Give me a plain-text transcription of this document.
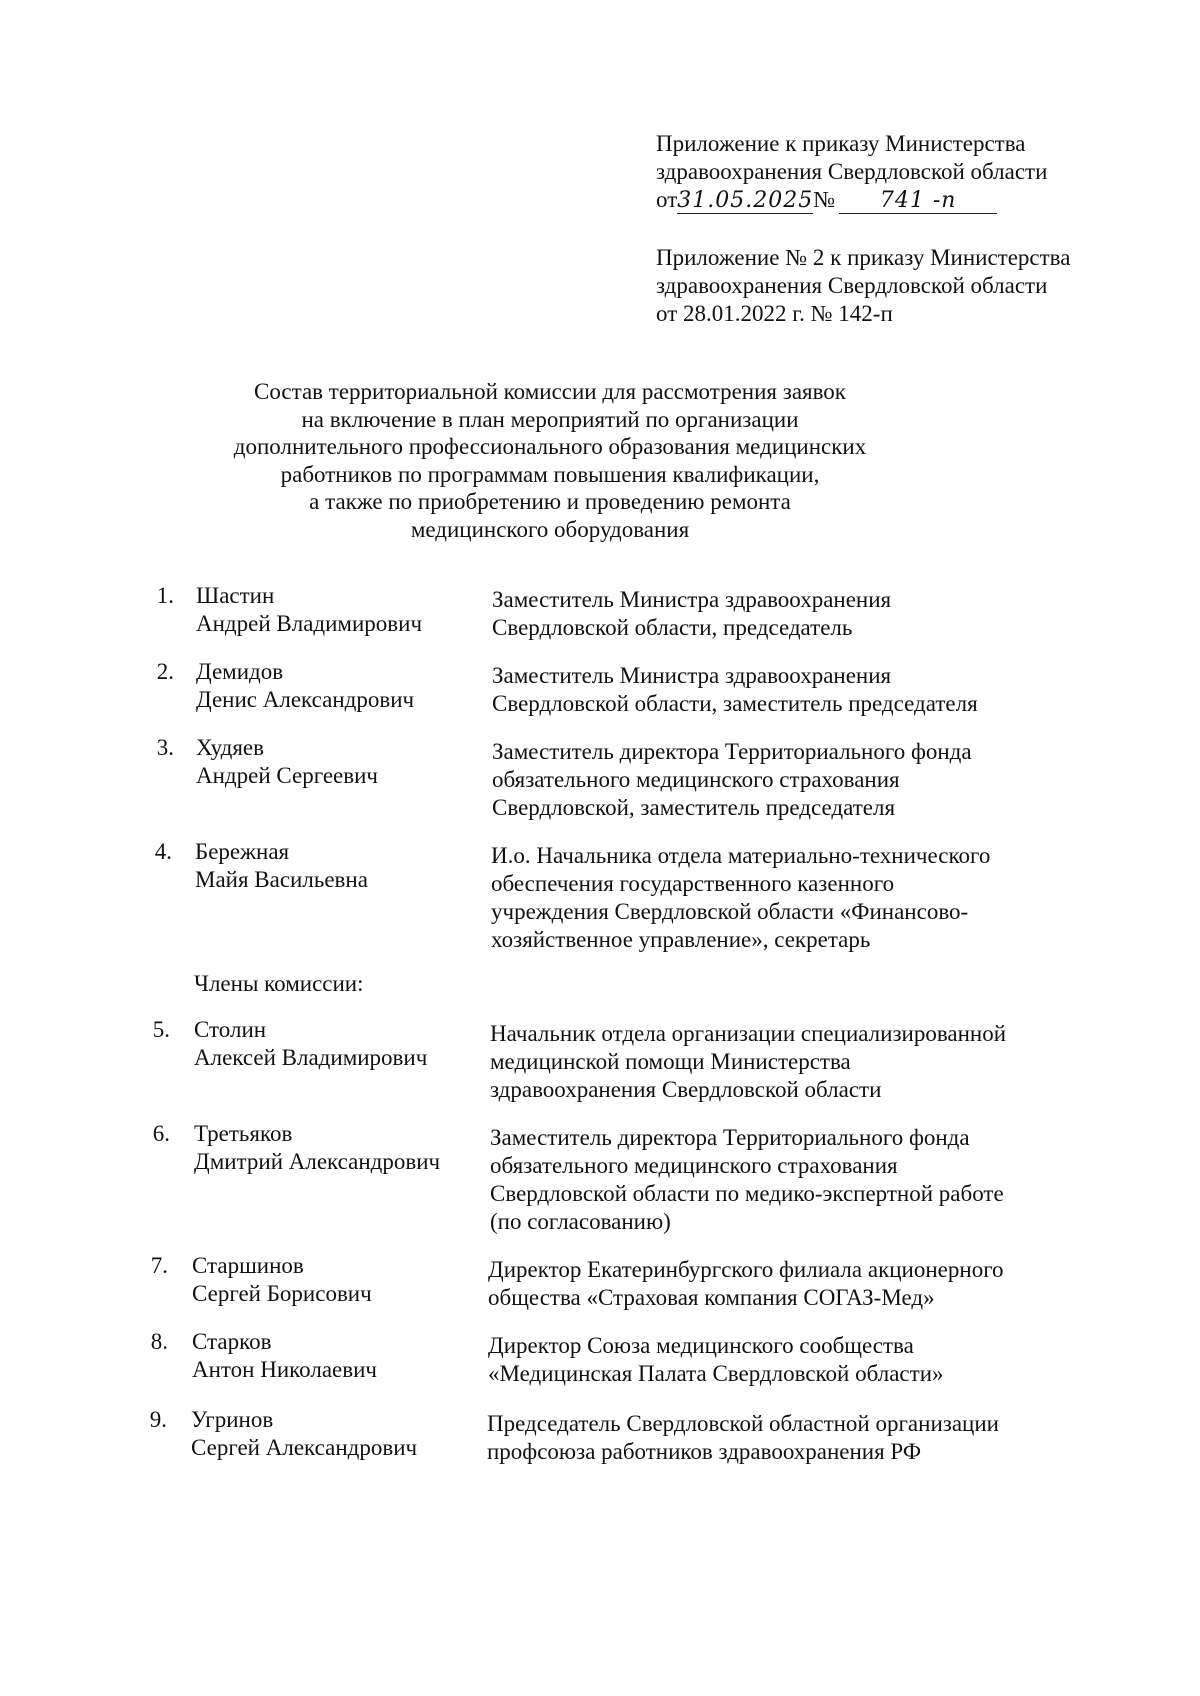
Приложение к приказу Министерства
здравоохранения Свердловской области
от31.05.2025№ 741 -п
Приложение № 2 к приказу Министерства
здравоохранения Свердловской области
от 28.01.2022 г. № 142-п
Состав территориальной комиссии для рассмотрения заявок
на включение в план мероприятий по организации
дополнительного профессионального образования медицинских
работников по программам повышения квалификации,
а также по приобретению и проведению ремонта
медицинского оборудования
1. Шастин
Андрей Владимирович
Заместитель Министра здравоохранения
Свердловской области, председатель
2. Демидов
Денис Александрович
Заместитель Министра здравоохранения
Свердловской области, заместитель председателя
3. Худяев
Андрей Сергеевич
Заместитель директора Территориального фонда
обязательного медицинского страхования
Свердловской, заместитель председателя
4. Бережная
Майя Васильевна
И.о. Начальника отдела материально-технического
обеспечения государственного казенного
учреждения Свердловской области «Финансово-
хозяйственное управление», секретарь
Члены комиссии:
5. Столин
Алексей Владимирович
Начальник отдела организации специализированной
медицинской помощи Министерства
здравоохранения Свердловской области
6. Третьяков
Дмитрий Александрович
Заместитель директора Территориального фонда
обязательного медицинского страхования
Свердловской области по медико-экспертной работе
(по согласованию)
7. Старшинов
Сергей Борисович
Директор Екатеринбургского филиала акционерного
общества «Страховая компания СОГАЗ-Мед»
8. Старков
Антон Николаевич
Директор Союза медицинского сообщества
«Медицинская Палата Свердловской области»
9. Угринов
Сергей Александрович
Председатель Свердловской областной организации
профсоюза работников здравоохранения РФ
